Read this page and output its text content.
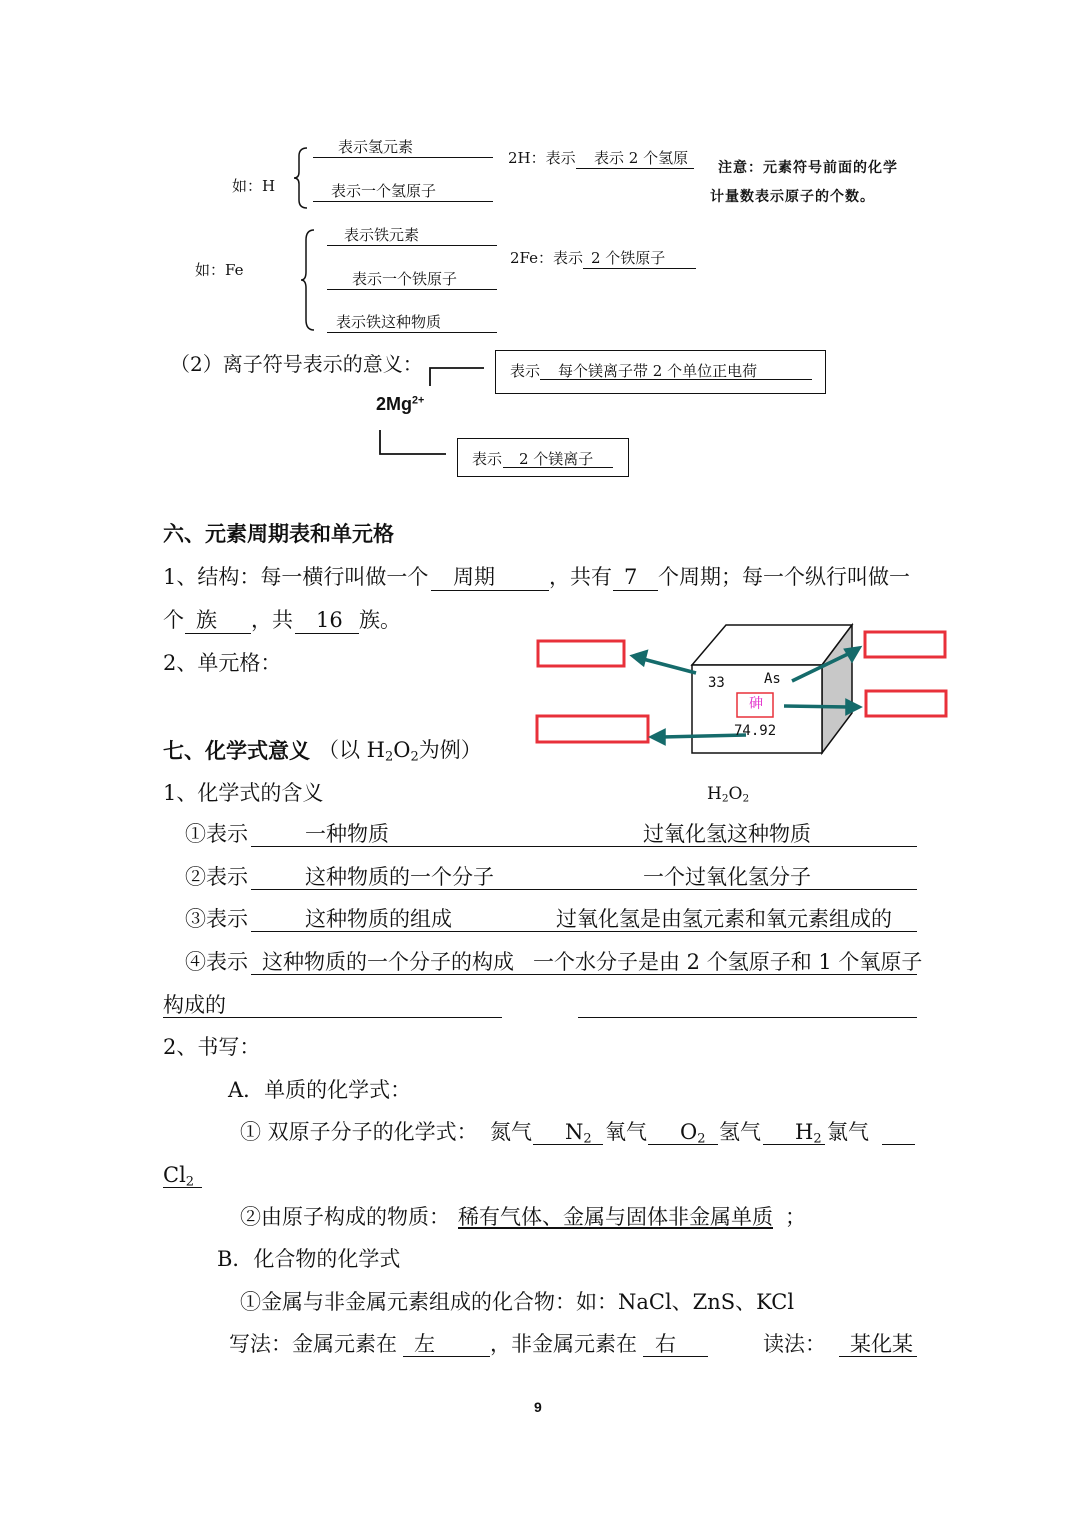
如：H
表示氢元素
表示一个氢原子
2H：表示 表示 2 个氢原
注意：元素符号前面的化学
计量数表示原子的个数。
如：Fe
表示铁元素
表示一个铁原子
表示铁这种物质
2Fe：表示 2 个铁原子
（2）离子符号表示的意义：
$2Mg^{2+}$
表示 每个镁离子带 2 个单位正电荷
表示 2 个镁离子
六、元素周期表和单元格
1、结构：每一横行叫做一个 周期	，共有 7 个周期；每一个纵行叫做一
个 族 ，共 16 族。
2、单元格：
33	As
砷
74.92
七、化学式意义 （以 $H_2O_2$为例）
1、化学式的含义	$H_2O_2$
①表示	一种物质	过氧化氢这种物质
②表示	这种物质的一个分子	一个过氧化氢分子
③表示	这种物质的组成	过氧化氢是由氢元素和氧元素组成的
④表示 这种物质的一个分子的构成 一个水分子是由 2 个氢原子和 1 个氧原子
构成的
2、书写：
A．单质的化学式：
① 双原子分子的化学式： 氮气 $N_2$ 氧气 $O_2$ 氢气 $H_2$ 氯气
$Cl_2$
②由原子构成的物质： 稀有气体、金属与固体非金属单质 ；
B．化合物的化学式
①金属与非金属元素组成的化合物：如：NaCl、ZnS、KCl
写法：金属元素在 左	，非金属元素在 右	读法： 某化某
9
